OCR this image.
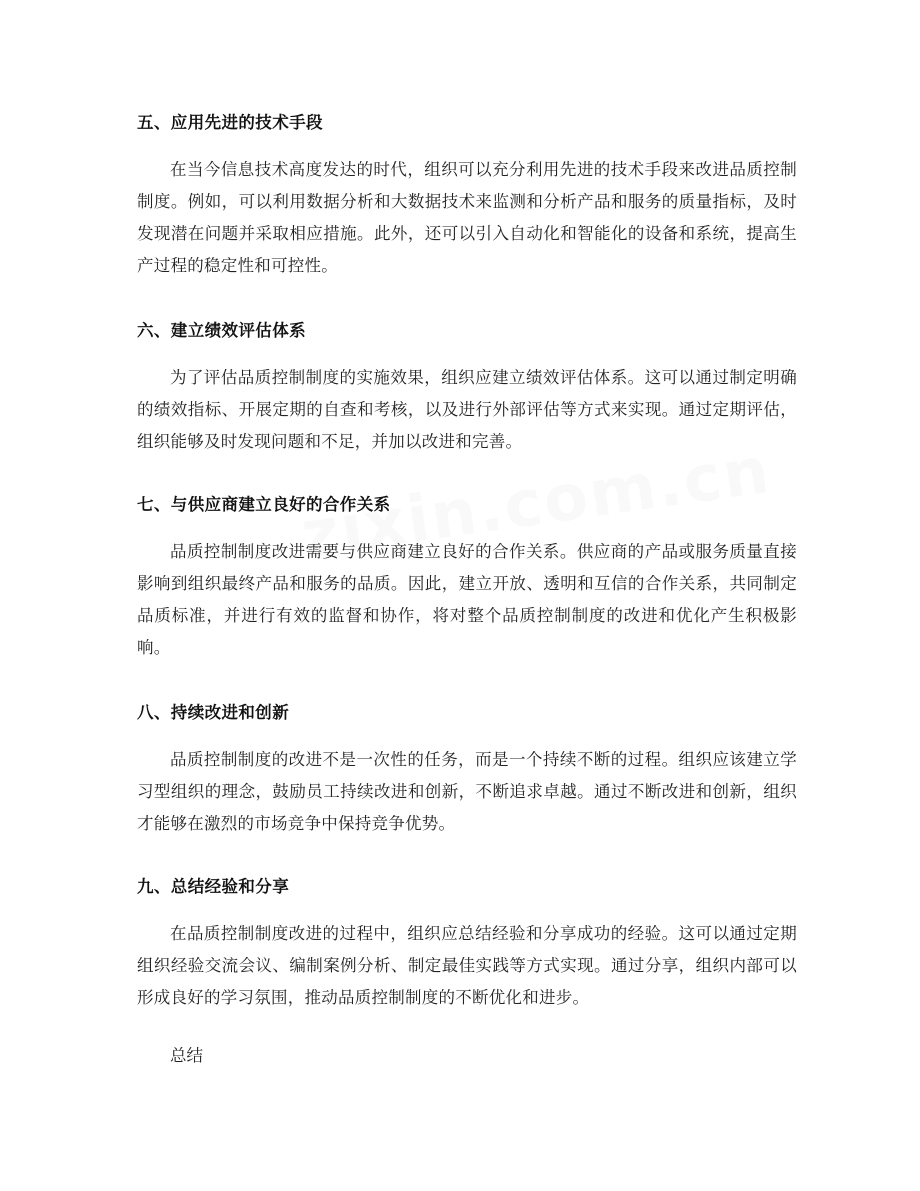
五、应用先进的技术手段

在当今信息技术高度发达的时代，组织可以充分利用先进的技术手段来改进品质控制制度。例如，可以利用数据分析和大数据技术来监测和分析产品和服务的质量指标，及时发现潜在问题并采取相应措施。此外，还可以引入自动化和智能化的设备和系统，提高生产过程的稳定性和可控性。

六、建立绩效评估体系

为了评估品质控制制度的实施效果，组织应建立绩效评估体系。这可以通过制定明确的绩效指标、开展定期的自查和考核，以及进行外部评估等方式来实现。通过定期评估，组织能够及时发现问题和不足，并加以改进和完善。

七、与供应商建立良好的合作关系

品质控制制度改进需要与供应商建立良好的合作关系。供应商的产品或服务质量直接影响到组织最终产品和服务的品质。因此，建立开放、透明和互信的合作关系，共同制定品质标准，并进行有效的监督和协作，将对整个品质控制制度的改进和优化产生积极影响。

八、持续改进和创新

品质控制制度的改进不是一次性的任务，而是一个持续不断的过程。组织应该建立学习型组织的理念，鼓励员工持续改进和创新，不断追求卓越。通过不断改进和创新，组织才能够在激烈的市场竞争中保持竞争优势。

九、总结经验和分享

在品质控制制度改进的过程中，组织应总结经验和分享成功的经验。这可以通过定期组织经验交流会议、编制案例分析、制定最佳实践等方式实现。通过分享，组织内部可以形成良好的学习氛围，推动品质控制制度的不断优化和进步。

总结
